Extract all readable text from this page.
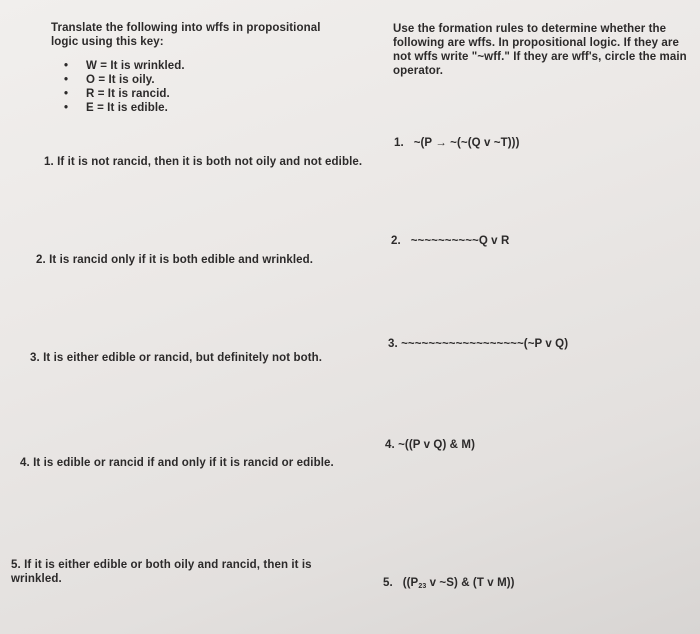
Translate the following into wffs in propositional logic using this key:

• W = It is wrinkled.
• O = It is oily.
• R = It is rancid.
• E = It is edible.

1. If it is not rancid, then it is both not oily and not edible.

2. It is rancid only if it is both edible and wrinkled.

3. It is either edible or rancid, but definitely not both.

4. It is edible or rancid if and only if it is rancid or edible.

5. If it is either edible or both oily and rancid, then it is wrinkled.

Use the formation rules to determine whether the following are wffs. In propositional logic. If they are not wffs write "~wff." If they are wff's, circle the main operator.

1. ~(P → ~(~(Q v ~T)))

2. ~~~~~~~~~~Q v R

3. ~~~~~~~~~~~~~~~~~~(~P v Q)

4. ~((P v Q) & M)

5. (($P_{23}$ v ~S) & (T v M))
